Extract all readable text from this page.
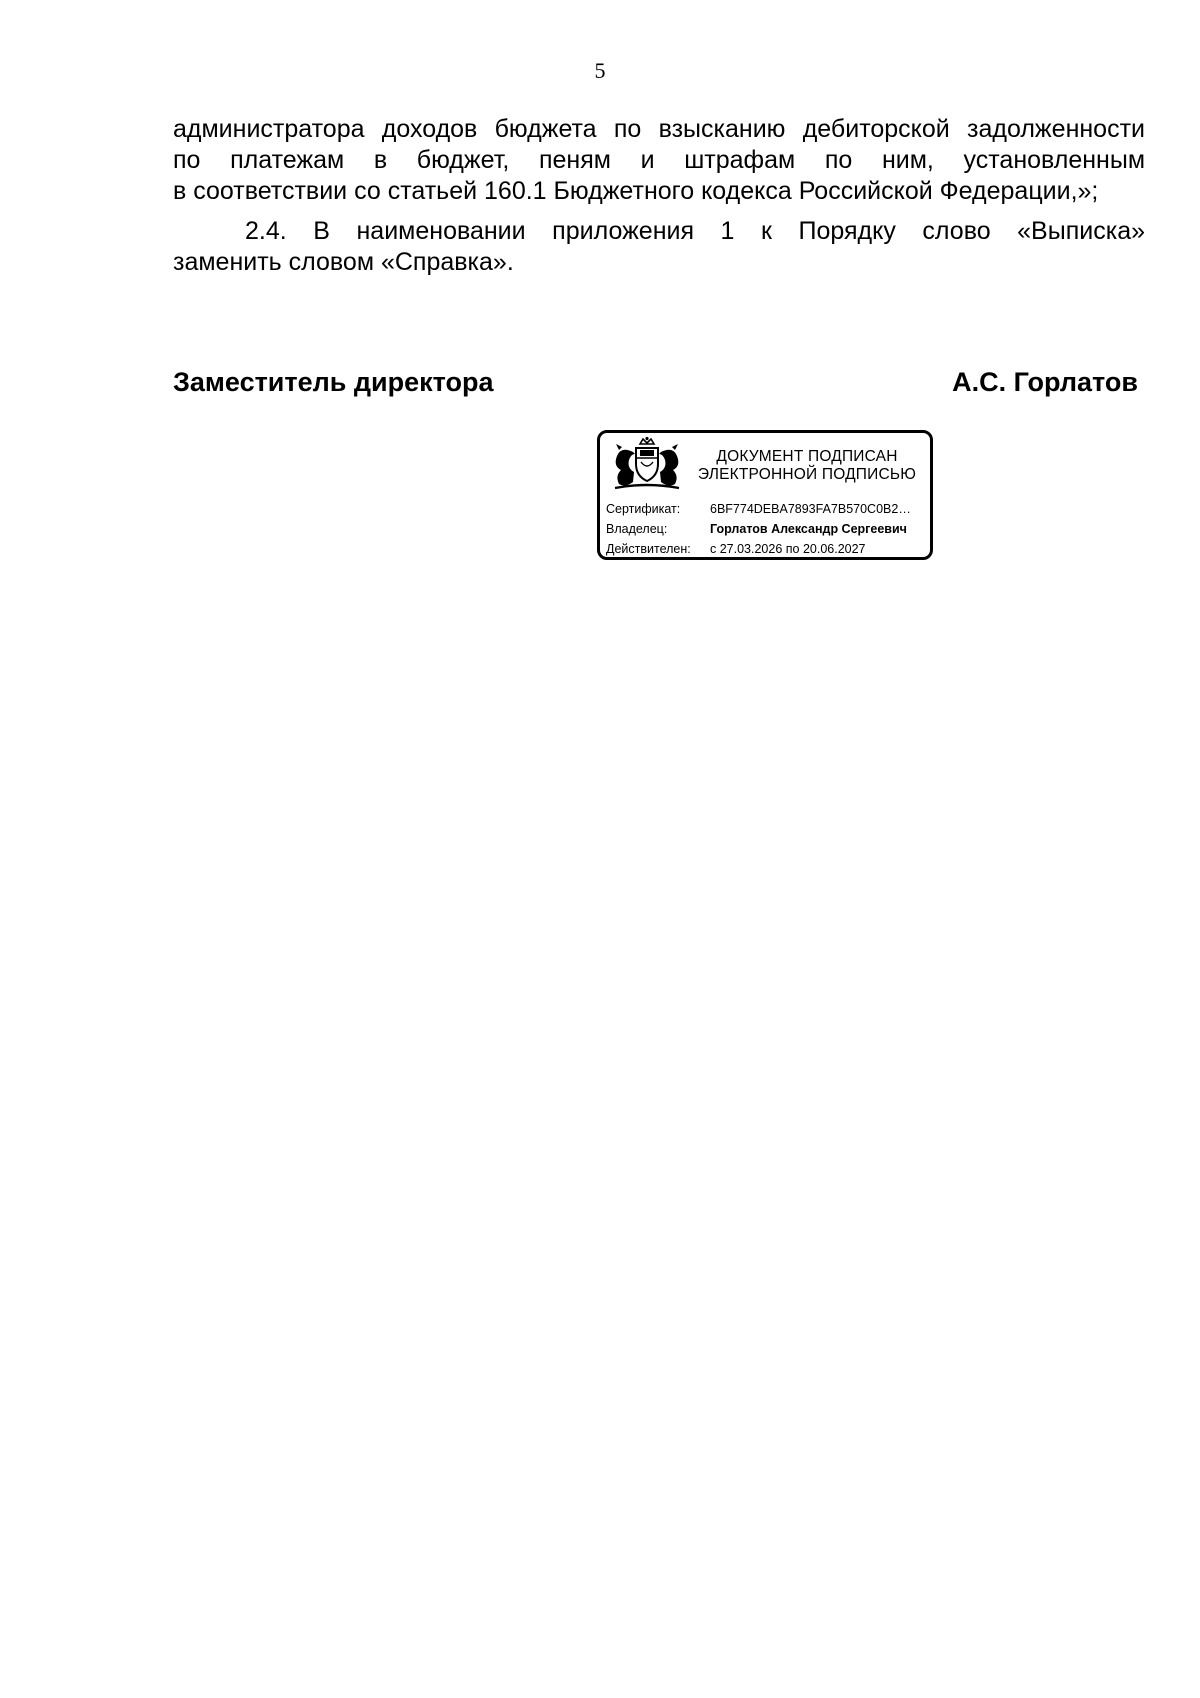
5
администратора доходов бюджета по взысканию дебиторской задолженности
по платежам в бюджет, пеням и штрафам по ним, установленным
в соответствии со статьей 160.1 Бюджетного кодекса Российской Федерации,»;
2.4. В наименовании приложения 1 к Порядку слово «Выписка»
заменить словом «Справка».
Заместитель директора	А.С. Горлатов
ДОКУМЕНТ ПОДПИСАН
ЭЛЕКТРОННОЙ ПОДПИСЬЮ
Сертификат: 6BF774DEBA7893FA7B570C0B2…
Владелец:	Горлатов Александр Сергеевич
Действителен: с 27.03.2026 по 20.06.2027
